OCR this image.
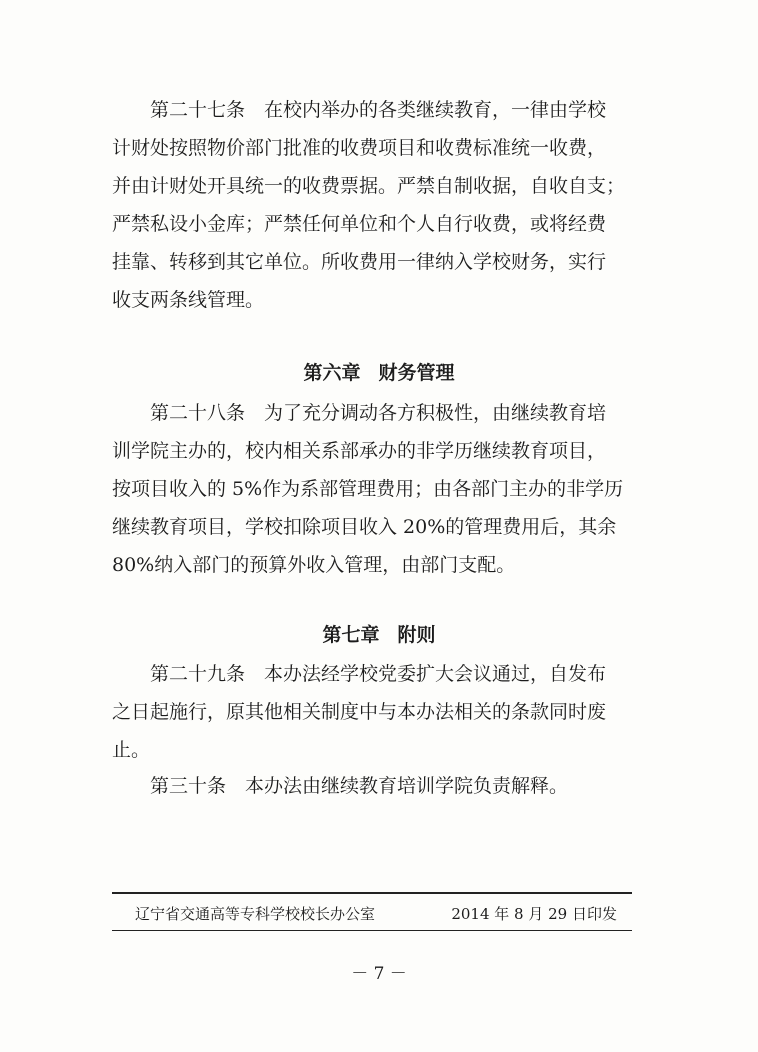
第二十七条　在校内举办的各类继续教育，一律由学校

计财处按照物价部门批准的收费项目和收费标准统一收费，

并由计财处开具统一的收费票据。严禁自制收据，自收自支；

严禁私设小金库；严禁任何单位和个人自行收费，或将经费

挂靠、转移到其它单位。所收费用一律纳入学校财务，实行

收支两条线管理。

第六章 财务管理

第二十八条　为了充分调动各方积极性，由继续教育培

训学院主办的，校内相关系部承办的非学历继续教育项目，

按项目收入的 5%作为系部管理费用；由各部门主办的非学历

继续教育项目，学校扣除项目收入 20%的管理费用后，其余

80%纳入部门的预算外收入管理，由部门支配。

第七章 附则

第二十九条　本办法经学校党委扩大会议通过，自发布

之日起施行，原其他相关制度中与本办法相关的条款同时废

止。

第三十条　本办法由继续教育培训学院负责解释。

辽宁省交通高等专科学校校长办公室	2014 年 8 月 29 日印发
－ 7 －
